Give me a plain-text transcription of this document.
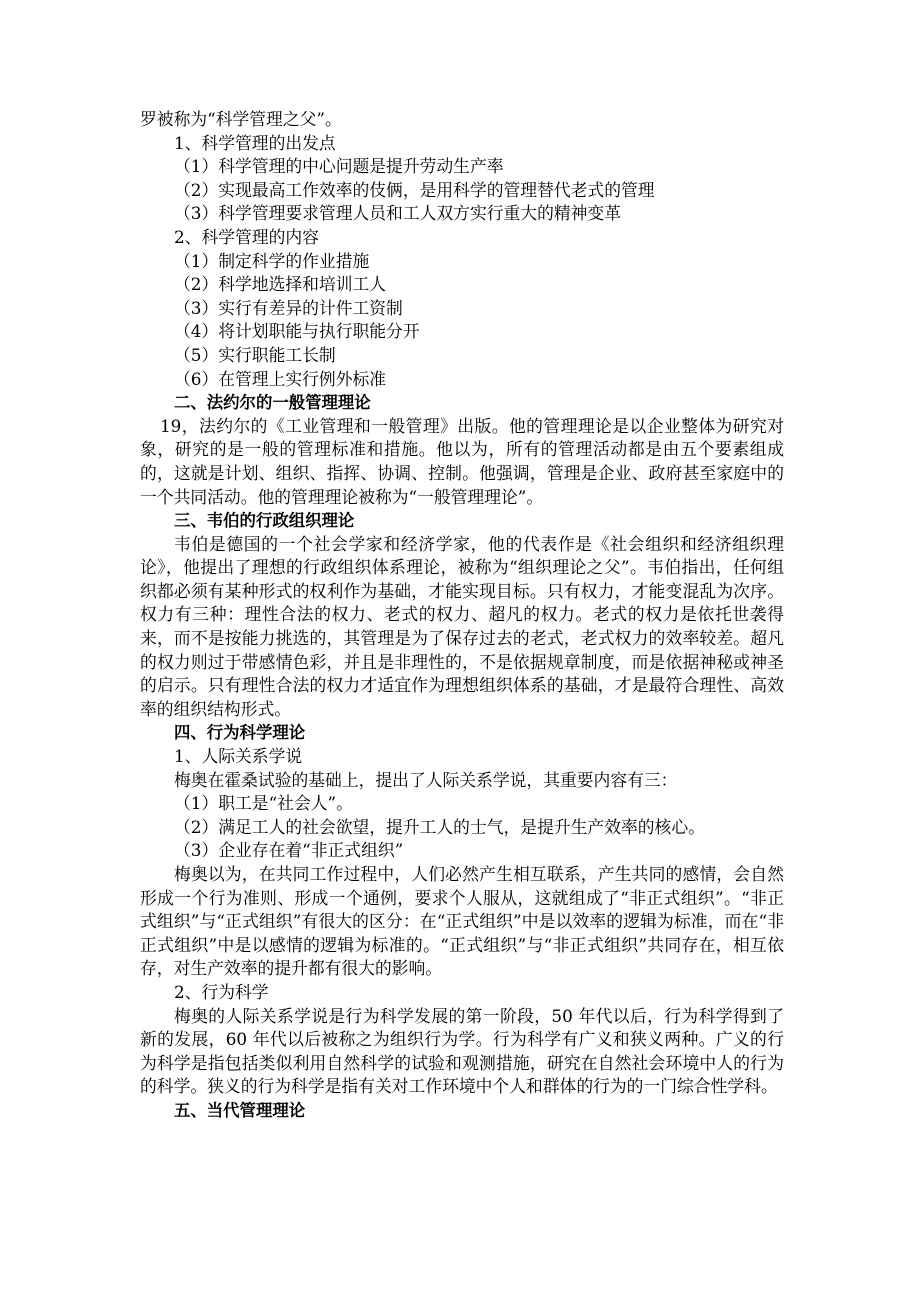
罗被称为“科学管理之父”。
1、科学管理的出发点
（1）科学管理的中心问题是提升劳动生产率
（2）实现最高工作效率的伎俩，是用科学的管理替代老式的管理
（3）科学管理要求管理人员和工人双方实行重大的精神变革
2、科学管理的内容
（1）制定科学的作业措施
（2）科学地选择和培训工人
（3）实行有差异的计件工资制
（4）将计划职能与执行职能分开
（5）实行职能工长制
（6）在管理上实行例外标准
二、法约尔的一般管理理论
19，法约尔的《工业管理和一般管理》出版。他的管理理论是以企业整体为研究对象，研究的是一般的管理标准和措施。他以为，所有的管理活动都是由五个要素组成的，这就是计划、组织、指挥、协调、控制。他强调，管理是企业、政府甚至家庭中的一个共同活动。他的管理理论被称为“一般管理理论”。
三、韦伯的行政组织理论
韦伯是德国的一个社会学家和经济学家，他的代表作是《社会组织和经济组织理论》，他提出了理想的行政组织体系理论，被称为“组织理论之父”。韦伯指出，任何组织都必须有某种形式的权利作为基础，才能实现目标。只有权力，才能变混乱为次序。权力有三种：理性合法的权力、老式的权力、超凡的权力。老式的权力是依托世袭得来，而不是按能力挑选的，其管理是为了保存过去的老式，老式权力的效率较差。超凡的权力则过于带感情色彩，并且是非理性的，不是依据规章制度，而是依据神秘或神圣的启示。只有理性合法的权力才适宜作为理想组织体系的基础，才是最符合理性、高效率的组织结构形式。
四、行为科学理论
1、人际关系学说
梅奥在霍桑试验的基础上，提出了人际关系学说，其重要内容有三：
（1）职工是“社会人”。
（2）满足工人的社会欲望，提升工人的士气，是提升生产效率的核心。
（3）企业存在着“非正式组织”
梅奥以为，在共同工作过程中，人们必然产生相互联系，产生共同的感情，会自然形成一个行为准则、形成一个通例，要求个人服从，这就组成了“非正式组织”。“非正式组织”与“正式组织”有很大的区分：在“正式组织”中是以效率的逻辑为标准，而在“非正式组织”中是以感情的逻辑为标准的。“正式组织”与“非正式组织”共同存在，相互依存，对生产效率的提升都有很大的影响。
2、行为科学
梅奥的人际关系学说是行为科学发展的第一阶段，50 年代以后，行为科学得到了新的发展，60 年代以后被称之为组织行为学。行为科学有广义和狭义两种。广义的行为科学是指包括类似利用自然科学的试验和观测措施，研究在自然社会环境中人的行为的科学。狭义的行为科学是指有关对工作环境中个人和群体的行为的一门综合性学科。
五、当代管理理论
